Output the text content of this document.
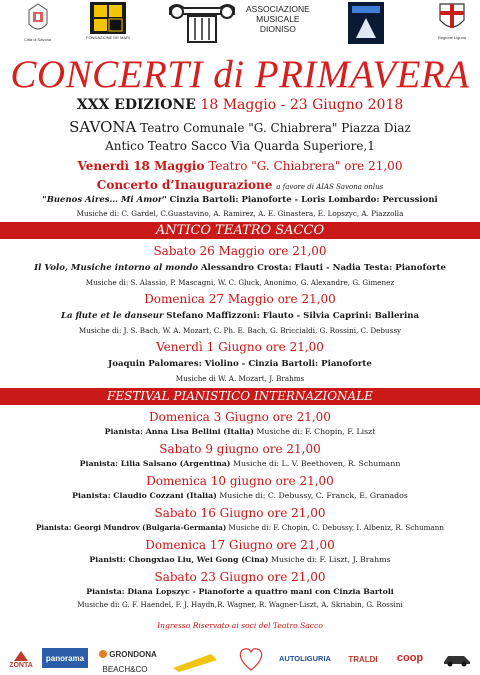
Città di Savona	FONDAZIONE DE MARI
ASSOCIAZIONE
MUSICALE
DIONISO
Regione Liguria
CONCERTI di PRIMAVERA
XXX EDIZIONE 18 Maggio - 23 Giugno 2018
SAVONA Teatro Comunale "G. Chiabrera" Piazza Diaz
Antico Teatro Sacco Via Quarda Superiore,1
Venerdì 18 Maggio Teatro "G. Chiabrera" ore 21,00
Concerto d’Inaugurazione a favore di AIAS Savona onlus
"Buenos Aires… Mi Amor" Cinzia Bartoli: Pianoforte - Loris Lombardo: Percussioni
Musiche di: C. Gardel, C.Guastavino, A. Ramirez, A. E. Ginastera, E. Lopszyc, A. Piazzolla
ANTICO TEATRO SACCO
Sabato 26 Maggio ore 21,00
Il Volo, Musiche intorno al mondo Alessandro Crosta: Flauti - Nadia Testa: Pianoforte
Musiche di: S. Alassio, P. Mascagni, W. C. Gluck, Anonimo, G. Alexandre, G. Gimenez
Domenica 27 Maggio ore 21,00
La flute et le danseur Stefano Maffizzoni: Flauto - Silvia Caprini: Ballerina
Musiche di: J. S. Bach, W. A. Mozart, C. Ph. E. Bach, G. Briccialdi, G. Rossini, C. Debussy
Venerdì 1 Giugno ore 21,00
Joaquin Palomares: Violino - Cinzia Bartoli: Pianoforte
Musiche di W. A. Mozart, J. Brahms
FESTIVAL PIANISTICO INTERNAZIONALE
Domenica 3 Giugno ore 21,00
Pianista: Anna Lisa Bellini (Italia) Musiche di: F. Chopin, F. Liszt
Sabato 9 giugno ore 21,00
Pianista: Lilia Salsano (Argentina) Musiche di: L. V. Beethoven, R. Schumann
Domenica 10 giugno ore 21,00
Pianista: Claudio Cozzani (Italia) Musiche di: C. Debussy, C. Franck, E. Granados
Sabato 16 Giugno ore 21,00
Pianista: Georgi Mundrov (Bulgaria-Germania) Musiche di: F. Chopin, C. Debussy, I. Albeniz, R. Schumann
Domenica 17 Giugno ore 21,00
Pianisti: Chongxiao Liu, Wei Gong (Cina) Musiche di: F. Liszt, J. Brahms
Sabato 23 Giugno ore 21,00
Pianista: Diana Lopszyc - Pianoforte a quattro mani con Cinzia Bartoli
Musiche di: G. F. Haendel, F. J. Haydn,R. Wagner, R. Wagner-Liszt, A. Skriabin, G. Rossini
Ingresso Riservato ai soci del Teatro Sacco
ZONTA
panorama	GRONDONA
BEACH&CO
AUTOLIGURIA	TRALDI	coop
